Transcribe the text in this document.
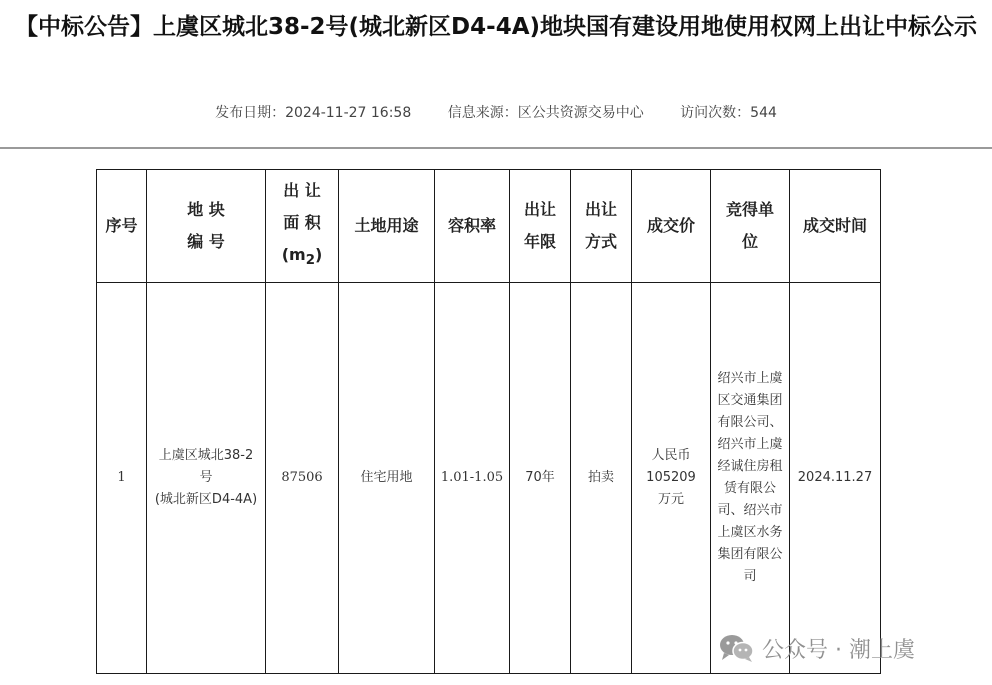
【中标公告】上虞区城北38-2号(城北新区D4-4A)地块国有建设用地使用权网上出让中标公示
发布日期：2024-11-27 16:58	信息来源：区公共资源交易中心	访问次数：544
序号	地 块
编 号	出 让
面 积
$(m_2)$	土地用途	容积率	出让
年限	出让
方式	成交价	竞得单
位	成交时间
1	上虞区城北38-2
号
(城北新区D4-4A)	87506	住宅用地	1.01-1.05	70年	拍卖	人民币
105209
万元	绍兴市上虞区交通集团有限公司、绍兴市上虞经诚住房租赁有限公司、绍兴市上虞区水务集团有限公司	2024.11.27
公众号 · 潮上虞
